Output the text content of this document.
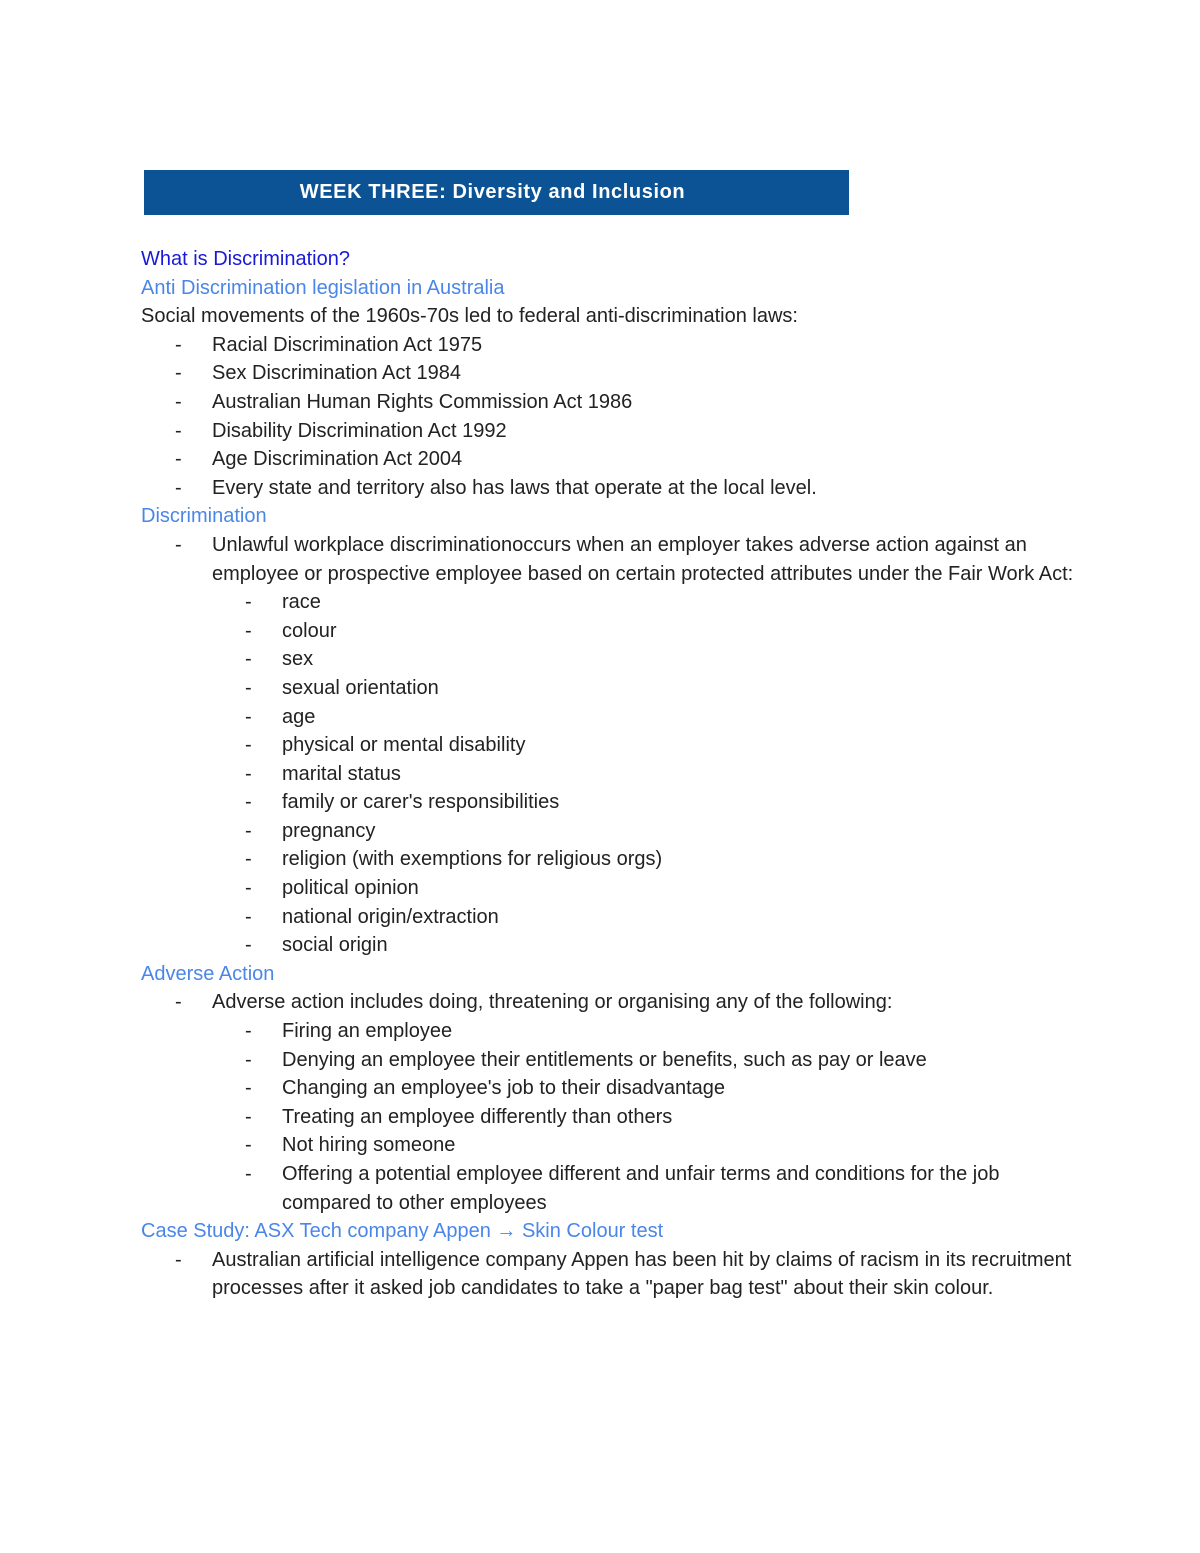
WEEK THREE: Diversity and Inclusion
What is Discrimination?
Anti Discrimination legislation in Australia
Social movements of the 1960s-70s led to federal anti-discrimination laws:
- Racial Discrimination Act 1975
- Sex Discrimination Act 1984
- Australian Human Rights Commission Act 1986
- Disability Discrimination Act 1992
- Age Discrimination Act 2004
- Every state and territory also has laws that operate at the local level.
Discrimination
- Unlawful workplace discriminationoccurs when an employer takes adverse action against an employee or prospective employee based on certain protected attributes under the Fair Work Act:
- race
- colour
- sex
- sexual orientation
- age
- physical or mental disability
- marital status
- family or carer's responsibilities
- pregnancy
- religion (with exemptions for religious orgs)
- political opinion
- national origin/extraction
- social origin
Adverse Action
- Adverse action includes doing, threatening or organising any of the following:
- Firing an employee
- Denying an employee their entitlements or benefits, such as pay or leave
- Changing an employee's job to their disadvantage
- Treating an employee differently than others
- Not hiring someone
- Offering a potential employee different and unfair terms and conditions for the job compared to other employees
Case Study: ASX Tech company Appen → Skin Colour test
- Australian artificial intelligence company Appen has been hit by claims of racism in its recruitment processes after it asked job candidates to take a "paper bag test" about their skin colour.
